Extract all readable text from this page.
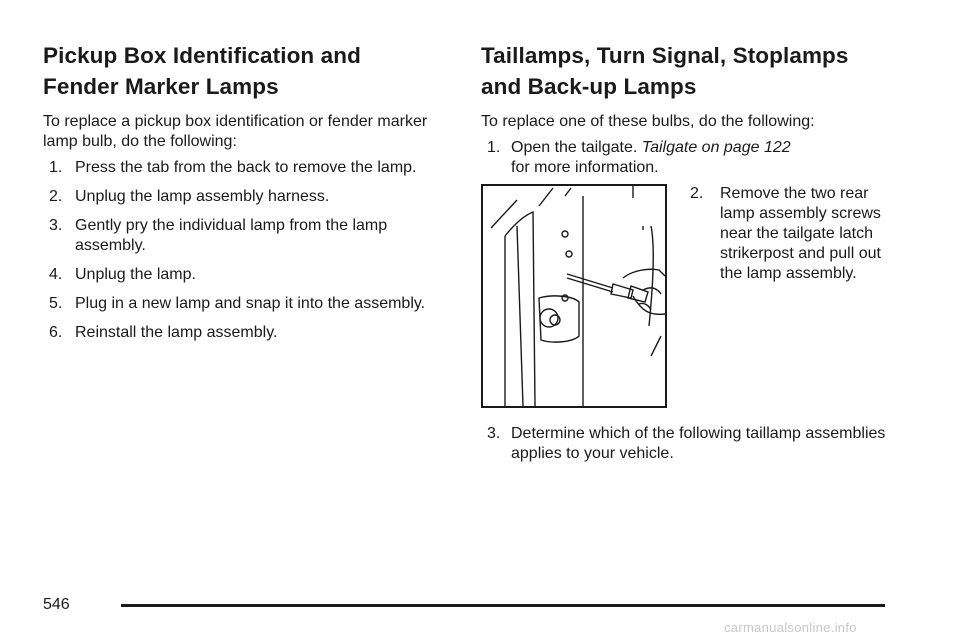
Pickup Box Identification and
Fender Marker Lamps

To replace a pickup box identification or fender marker lamp bulb, do the following:

1. Press the tab from the back to remove the lamp.
2. Unplug the lamp assembly harness.
3. Gently pry the individual lamp from the lamp assembly.
4. Unplug the lamp.
5. Plug in a new lamp and snap it into the assembly.
6. Reinstall the lamp assembly.
Taillamps, Turn Signal, Stoplamps
and Back-up Lamps

To replace one of these bulbs, do the following:

1. Open the tailgate. Tailgate on page 122
for more information.
2.	Remove the two rear lamp assembly screws near the tailgate latch strikerpost and pull out the lamp assembly.
3. Determine which of the following taillamp assemblies applies to your vehicle.
546
carmanualsonline.info
